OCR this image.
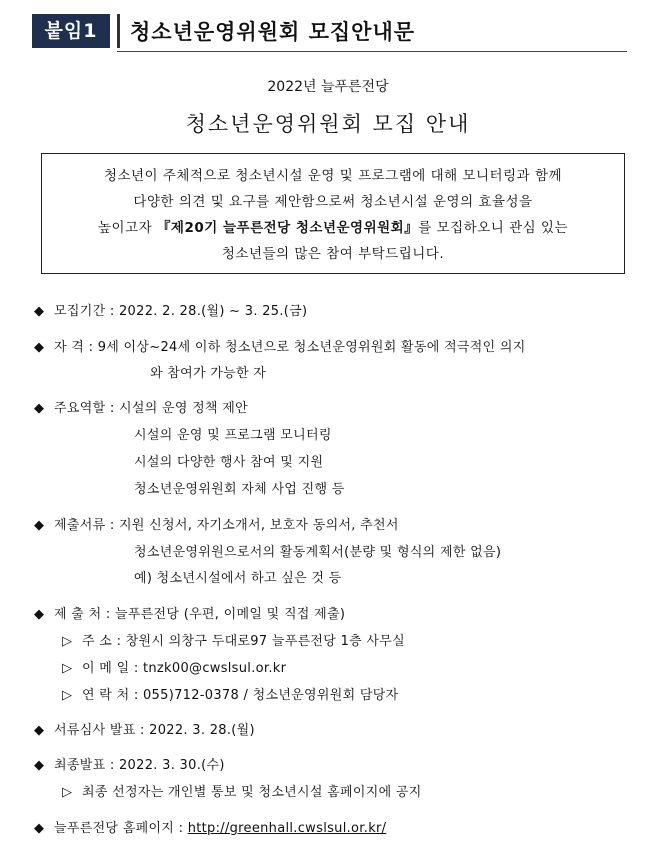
붙임1	청소년운영위원회 모집안내문
2022년 늘푸른전당
청소년운영위원회 모집 안내

청소년이 주체적으로 청소년시설 운영 및 프로그램에 대해 모니터링과 함께

다양한 의견 및 요구를 제안함으로써 청소년시설 운영의 효율성을

높이고자 『제20기 늘푸른전당 청소년운영위원회』를 모집하오니 관심 있는

청소년들의 많은 참여 부탁드립니다.

◆ 모집기간 : 2022. 2. 28.(월) ~ 3. 25.(금)
◆ 자 격 : 9세 이상~24세 이하 청소년으로 청소년운영위원회 활동에 적극적인 의지
와 참여가 가능한 자
◆ 주요역할 : 시설의 운영 정책 제안
시설의 운영 및 프로그램 모니터링
시설의 다양한 행사 참여 및 지원
청소년운영위원회 자체 사업 진행 등
◆ 제출서류 : 지원 신청서, 자기소개서, 보호자 동의서, 추천서
청소년운영위원으로서의 활동계획서(분량 및 형식의 제한 없음)
예) 청소년시설에서 하고 싶은 것 등
◆ 제 출 처 : 늘푸른전당 (우편, 이메일 및 직접 제출)
▷ 주 소 : 창원시 의창구 두대로97 늘푸른전당 1층 사무실
▷ 이 메 일 : tnzk00@cwslsul.or.kr
▷ 연 락 처 : 055)712-0378 / 청소년운영위원회 담당자
◆ 서류심사 발표 : 2022. 3. 28.(월)
◆ 최종발표 : 2022. 3. 30.(수)
▷ 최종 선정자는 개인별 통보 및 청소년시설 홈페이지에 공지
◆ 늘푸른전당 홈페이지 : http://greenhall.cwslsul.or.kr/
